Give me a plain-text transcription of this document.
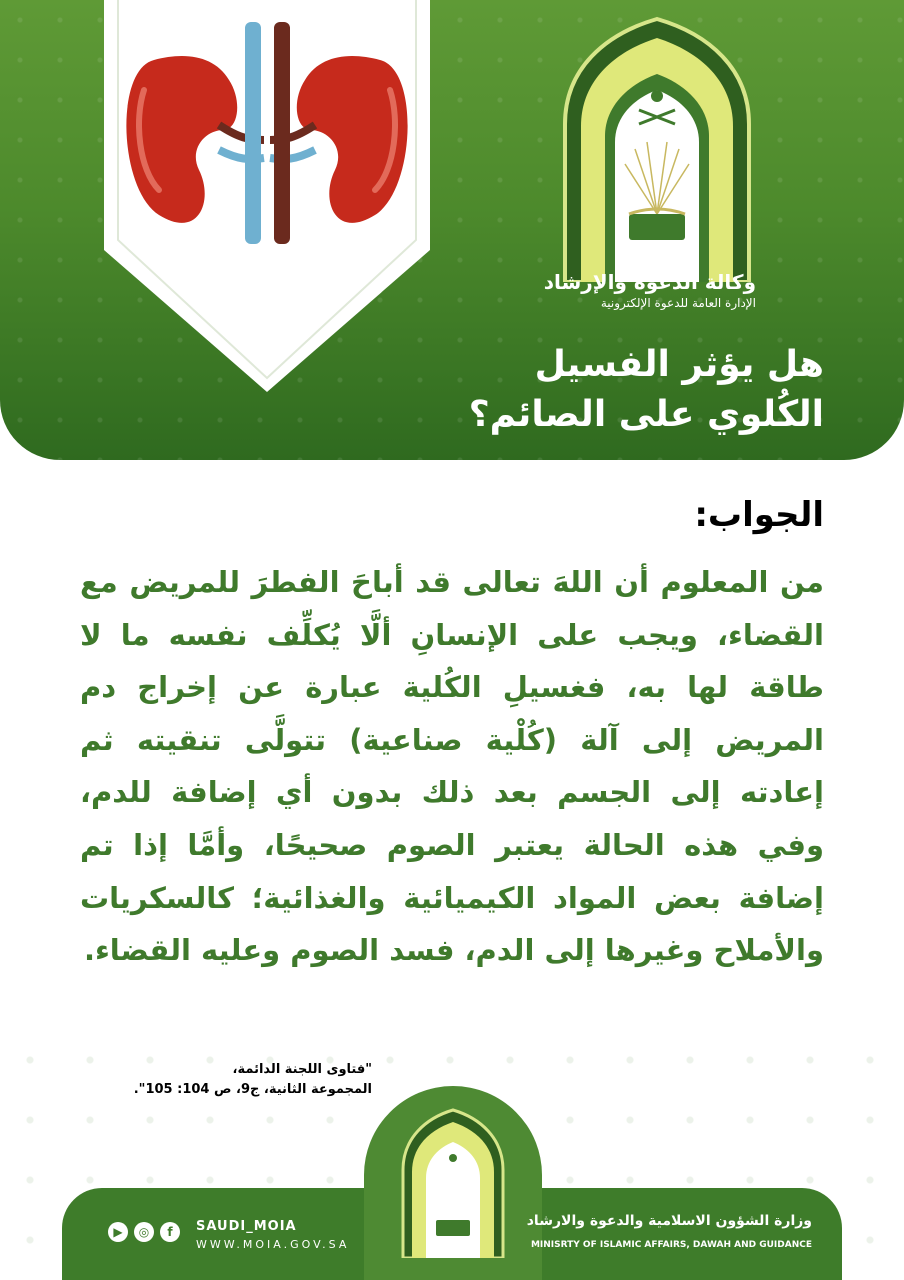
وكالة الدعوة والإرشاد
الإدارة العامة للدعوة الإلكترونية
هل يؤثر الفسيل
الكُلوي على الصائم؟
الجواب:
من المعلوم أن اللهَ تعالى قد أباحَ الفطرَ للمريض مع القضاء، ويجب على الإنسانِ ألَّا يُكلِّف نفسه ما لا طاقة لها به، فغسيلِ الكُلية عبارة عن إخراج دم المريض إلى آلة (كُلْية صناعية) تتولَّى تنقيته ثم إعادته إلى الجسم بعد ذلك بدون أي إضافة للدم، وفي هذه الحالة يعتبر الصوم صحيحًا، وأمَّا إذا تم إضافة بعض المواد الكيميائية والغذائية؛ كالسكريات والأملاح وغيرها إلى الدم، فسد الصوم وعليه القضاء.
"فتاوى اللجنة الدائمة،
المجموعة الثانية، ج9، ص 104: 105".
▶	◎	f	SAUDI_MOIA
WWW.MOIA.GOV.SA
وزارة الشؤون الاسلامية والدعوة والارشاد
MINISRTY OF ISLAMIC AFFAIRS, DAWAH AND GUIDANCE
